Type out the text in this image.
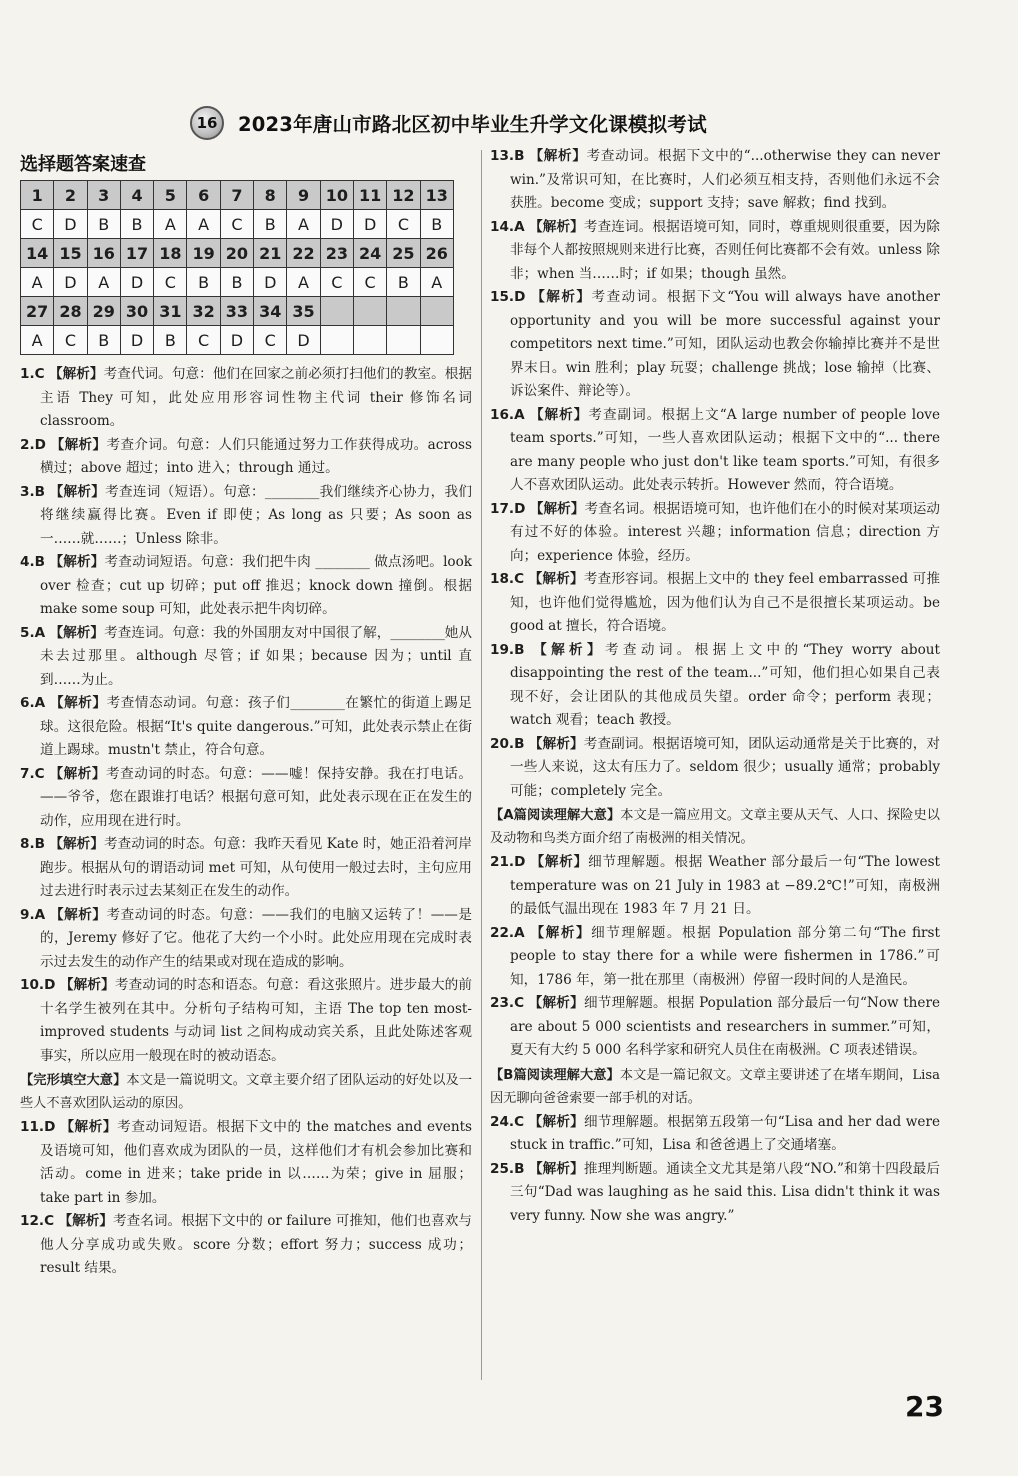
16	2023年唐山市路北区初中毕业生升学文化课模拟考试
选择题答案速查
1	2	3	4	5	6	7	8	9	10	11	12	13
C	D	B	B	A	A	C	B	A	D	D	C	B
14	15	16	17	18	19	20	21	22	23	24	25	26
A	D	A	D	C	B	B	D	A	C	C	B	A
27	28	29	30	31	32	33	34	35				
A	C	B	D	B	C	D	C	D				

1.C 【解析】考查代词。句意：他们在回家之前必须打扫他们的教室。根据主语 They 可知，此处应用形容词性物主代词 their 修饰名词 classroom。

2.D 【解析】考查介词。句意：人们只能通过努力工作获得成功。across 横过；above 超过；into 进入；through 通过。

3.B 【解析】考查连词（短语）。句意：________我们继续齐心协力，我们将继续赢得比赛。Even if 即使；As long as 只要；As soon as 一……就……；Unless 除非。

4.B 【解析】考查动词短语。句意：我们把牛肉 ________ 做点汤吧。look over 检查；cut up 切碎；put off 推迟；knock down 撞倒。根据 make some soup 可知，此处表示把牛肉切碎。

5.A 【解析】考查连词。句意：我的外国朋友对中国很了解，________她从未去过那里。although 尽管；if 如果；because 因为；until 直到……为止。

6.A 【解析】考查情态动词。句意：孩子们________在繁忙的街道上踢足球。这很危险。根据“It's quite dangerous.”可知，此处表示禁止在街道上踢球。mustn't 禁止，符合句意。

7.C 【解析】考查动词的时态。句意：——嘘！保持安静。我在打电话。——爷爷，您在跟谁打电话？根据句意可知，此处表示现在正在发生的动作，应用现在进行时。

8.B 【解析】考查动词的时态。句意：我昨天看见 Kate 时，她正沿着河岸跑步。根据从句的谓语动词 met 可知，从句使用一般过去时，主句应用过去进行时表示过去某刻正在发生的动作。

9.A 【解析】考查动词的时态。句意：——我们的电脑又运转了！——是的，Jeremy 修好了它。他花了大约一个小时。此处应用现在完成时表示过去发生的动作产生的结果或对现在造成的影响。

10.D 【解析】考查动词的时态和语态。句意：看这张照片。进步最大的前十名学生被列在其中。分析句子结构可知，主语 The top ten most-improved students 与动词 list 之间构成动宾关系，且此处陈述客观事实，所以应用一般现在时的被动语态。

【完形填空大意】本文是一篇说明文。文章主要介绍了团队运动的好处以及一些人不喜欢团队运动的原因。

11.D 【解析】考查动词短语。根据下文中的 the matches and events 及语境可知，他们喜欢成为团队的一员，这样他们才有机会参加比赛和活动。come in 进来；take pride in 以……为荣；give in 屈服；take part in 参加。

12.C 【解析】考查名词。根据下文中的 or failure 可推知，他们也喜欢与他人分享成功或失败。score 分数；effort 努力；success 成功；result 结果。

13.B 【解析】考查动词。根据下文中的“...otherwise they can never win.”及常识可知，在比赛时，人们必须互相支持，否则他们永远不会获胜。become 变成；support 支持；save 解救；find 找到。

14.A 【解析】考查连词。根据语境可知，同时，尊重规则很重要，因为除非每个人都按照规则来进行比赛，否则任何比赛都不会有效。unless 除非；when 当……时；if 如果；though 虽然。

15.D 【解析】考查动词。根据下文“You will always have another opportunity and you will be more successful against your competitors next time.”可知，团队运动也教会你输掉比赛并不是世界末日。win 胜利；play 玩耍；challenge 挑战；lose 输掉（比赛、诉讼案件、辩论等）。

16.A 【解析】考查副词。根据上文“A large number of people love team sports.”可知，一些人喜欢团队运动；根据下文中的“... there are many people who just don't like team sports.”可知，有很多人不喜欢团队运动。此处表示转折。However 然而，符合语境。

17.D 【解析】考查名词。根据语境可知，也许他们在小的时候对某项运动有过不好的体验。interest 兴趣；information 信息；direction 方向；experience 体验，经历。

18.C 【解析】考查形容词。根据上文中的 they feel embarrassed 可推知，也许他们觉得尴尬，因为他们认为自己不是很擅长某项运动。be good at 擅长，符合语境。

19.B 【解析】考查动词。根据上文中的“They worry about disappointing the rest of the team...”可知，他们担心如果自己表现不好，会让团队的其他成员失望。order 命令；perform 表现；watch 观看；teach 教授。

20.B 【解析】考查副词。根据语境可知，团队运动通常是关于比赛的，对一些人来说，这太有压力了。seldom 很少；usually 通常；probably 可能；completely 完全。

【A篇阅读理解大意】本文是一篇应用文。文章主要从天气、人口、探险史以及动物和鸟类方面介绍了南极洲的相关情况。

21.D 【解析】细节理解题。根据 Weather 部分最后一句“The lowest temperature was on 21 July in 1983 at −89.2℃!”可知，南极洲的最低气温出现在 1983 年 7 月 21 日。

22.A 【解析】细节理解题。根据 Population 部分第二句“The first people to stay there for a while were fishermen in 1786.”可知，1786 年，第一批在那里（南极洲）停留一段时间的人是渔民。

23.C 【解析】细节理解题。根据 Population 部分最后一句“Now there are about 5 000 scientists and researchers in summer.”可知，夏天有大约 5 000 名科学家和研究人员住在南极洲。C 项表述错误。

【B篇阅读理解大意】本文是一篇记叙文。文章主要讲述了在堵车期间，Lisa 因无聊向爸爸索要一部手机的对话。

24.C 【解析】细节理解题。根据第五段第一句“Lisa and her dad were stuck in traffic.”可知，Lisa 和爸爸遇上了交通堵塞。

25.B 【解析】推理判断题。通读全文尤其是第八段“NO.”和第十四段最后三句“Dad was laughing as he said this. Lisa didn't think it was very funny. Now she was angry.”

23
